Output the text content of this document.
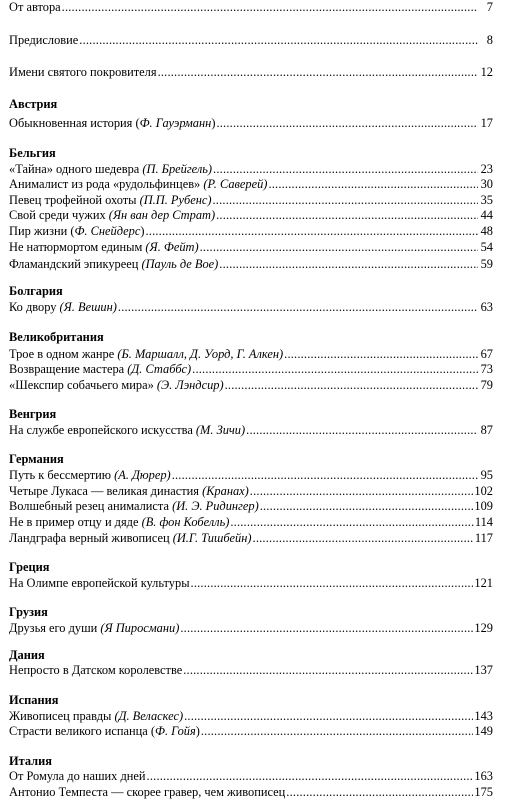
От автора .....	7
Предисловие .....	8
Имени святого покровителя .....	12
Австрия
Обыкновенная история (Ф. Гауэрманн) .....	17
Бельгия
«Тайна» одного шедевра (П. Брейгель) .....	23
Анималист из рода «рудольфинцев» (Р. Саверей) .....	30
Певец трофейной охоты (П.П. Рубенс) .....	35
Свой среди чужих (Ян ван дер Страт) .....	44
Пир жизни (Ф. Снейдерс) .....	48
Не натюрмортом единым (Я. Фейт) .....	54
Фламандский эпикуреец (Пауль де Вое) .....	59
Болгария
Ко двору (Я. Вешин) .....	63
Великобритания
Трое в одном жанре (Б. Маршалл, Д. Уорд, Г. Алкен) .....	67
Возвращение мастера (Д. Стаббс) .....	73
«Шекспир собачьего мира» (Э. Лэндсир) .....	79
Венгрия
На службе европейского искусства (М. Зичи) .....	87
Германия
Путь к бессмертию (А. Дюрер) .....	95
Четыре Лукаса — великая династия (Кранах) .....	102
Волшебный резец анималиста (И. Э. Ридингер) .....	109
Не в пример отцу и дяде (В. фон Кобелль) .....	114
Ландграфа верный живописец (И.Г. Тишбейн) .....	117
Греция
На Олимпе европейской культуры .....	121
Грузия
Друзья его души (Я Пиросмани) .....	129
Дания
Непросто в Датском королевстве .....	137
Испания
Живописец правды (Д. Веласкес) .....	143
Страсти великого испанца (Ф. Гойя) .....	149
Италия
От Ромула до наших дней .....	163
Антонио Темпеста — скорее гравер, чем живописец .....	175
